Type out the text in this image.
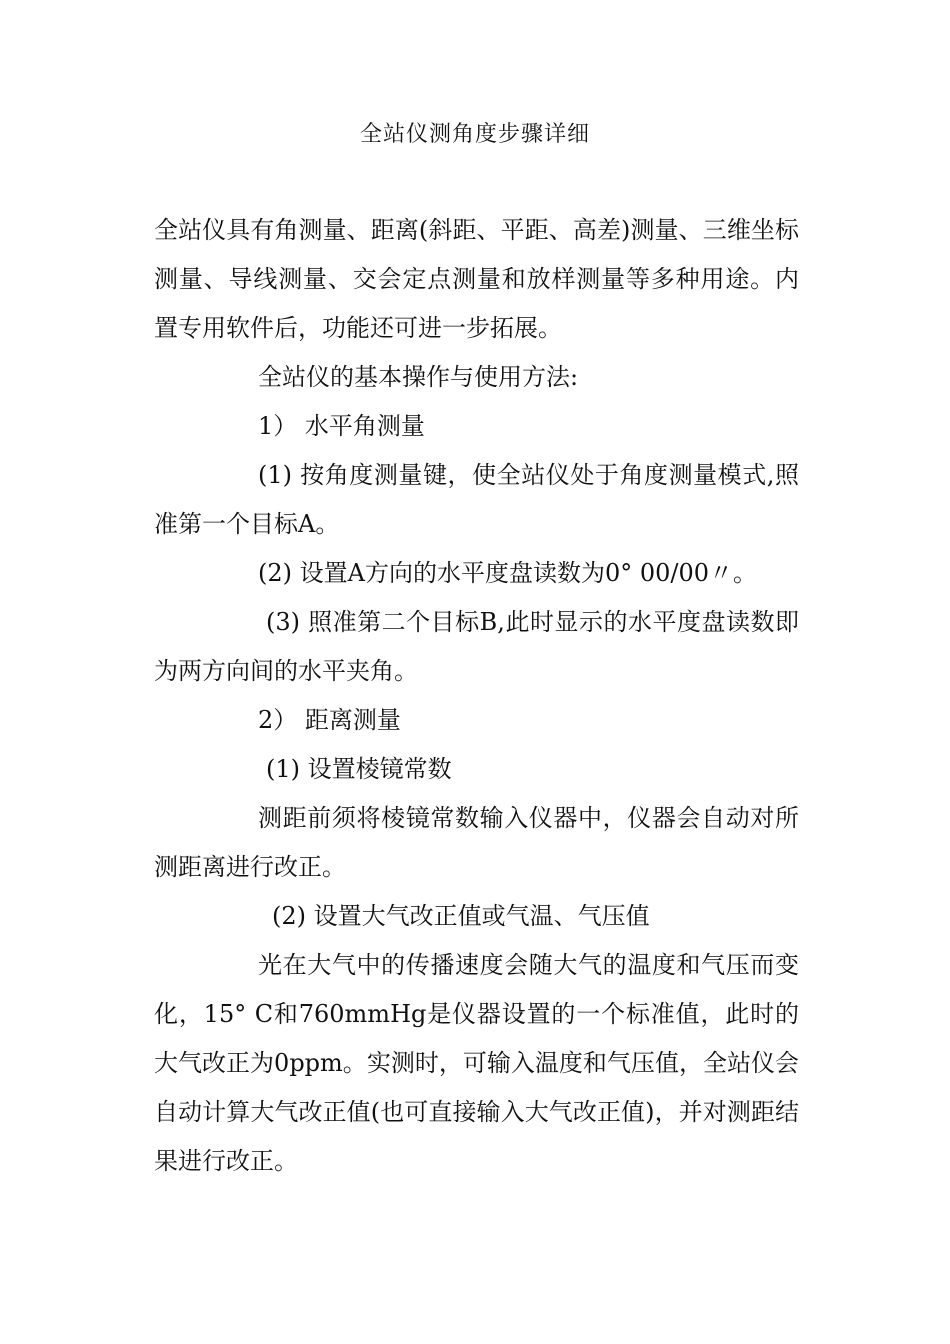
全站仪测角度步骤详细

全站仪具有角测量、距离(斜距、平距、高差)测量、三维坐标测量、导线测量、交会定点测量和放样测量等多种用途。内置专用软件后，功能还可进一步拓展。

全站仪的基本操作与使用方法:

1） 水平角测量

(1) 按角度测量键，使全站仪处于角度测量模式,照准第一个目标A。

(2) 设置A方向的水平度盘读数为0° 00/00〃。

(3) 照准第二个目标B,此时显示的水平度盘读数即为两方向间的水平夹角。

2） 距离测量

(1) 设置棱镜常数

测距前须将棱镜常数输入仪器中，仪器会自动对所测距离进行改正。

(2) 设置大气改正值或气温、气压值

光在大气中的传播速度会随大气的温度和气压而变化，15° C和760mmHg是仪器设置的一个标准值，此时的大气改正为0ppm。实测时，可输入温度和气压值，全站仪会自动计算大气改正值(也可直接输入大气改正值)，并对测距结果进行改正。
